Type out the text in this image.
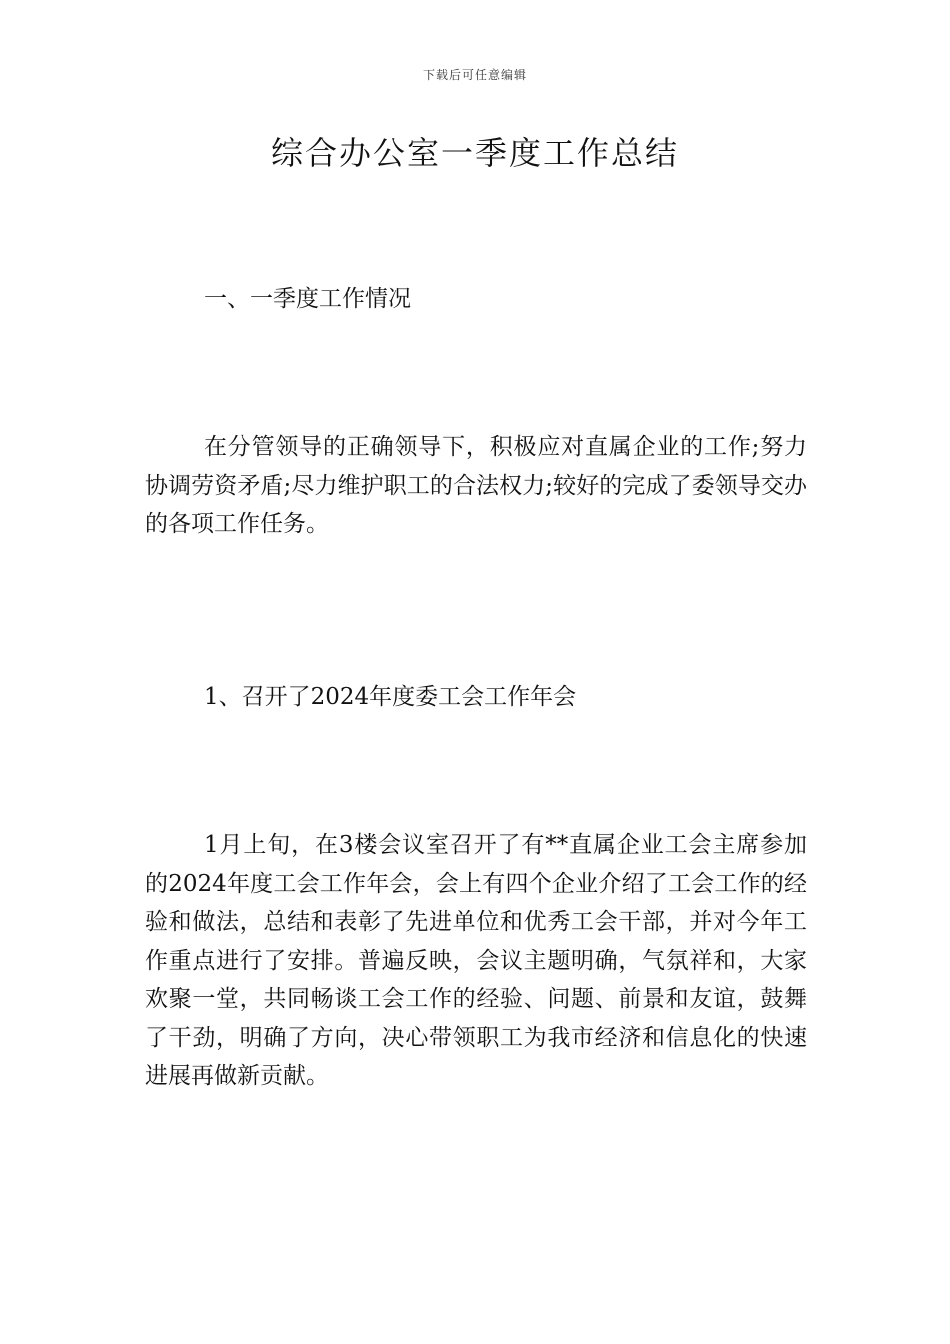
下载后可任意编辑
综合办公室一季度工作总结

一、一季度工作情况

在分管领导的正确领导下，积极应对直属企业的工作;努力协调劳资矛盾;尽力维护职工的合法权力;较好的完成了委领导交办的各项工作任务。

1、召开了2024年度委工会工作年会

1月上旬，在3楼会议室召开了有**直属企业工会主席参加的2024年度工会工作年会，会上有四个企业介绍了工会工作的经验和做法，总结和表彰了先进单位和优秀工会干部，并对今年工作重点进行了安排。普遍反映，会议主题明确，气氛祥和，大家欢聚一堂，共同畅谈工会工作的经验、问题、前景和友谊，鼓舞了干劲，明确了方向，决心带领职工为我市经济和信息化的快速进展再做新贡献。
